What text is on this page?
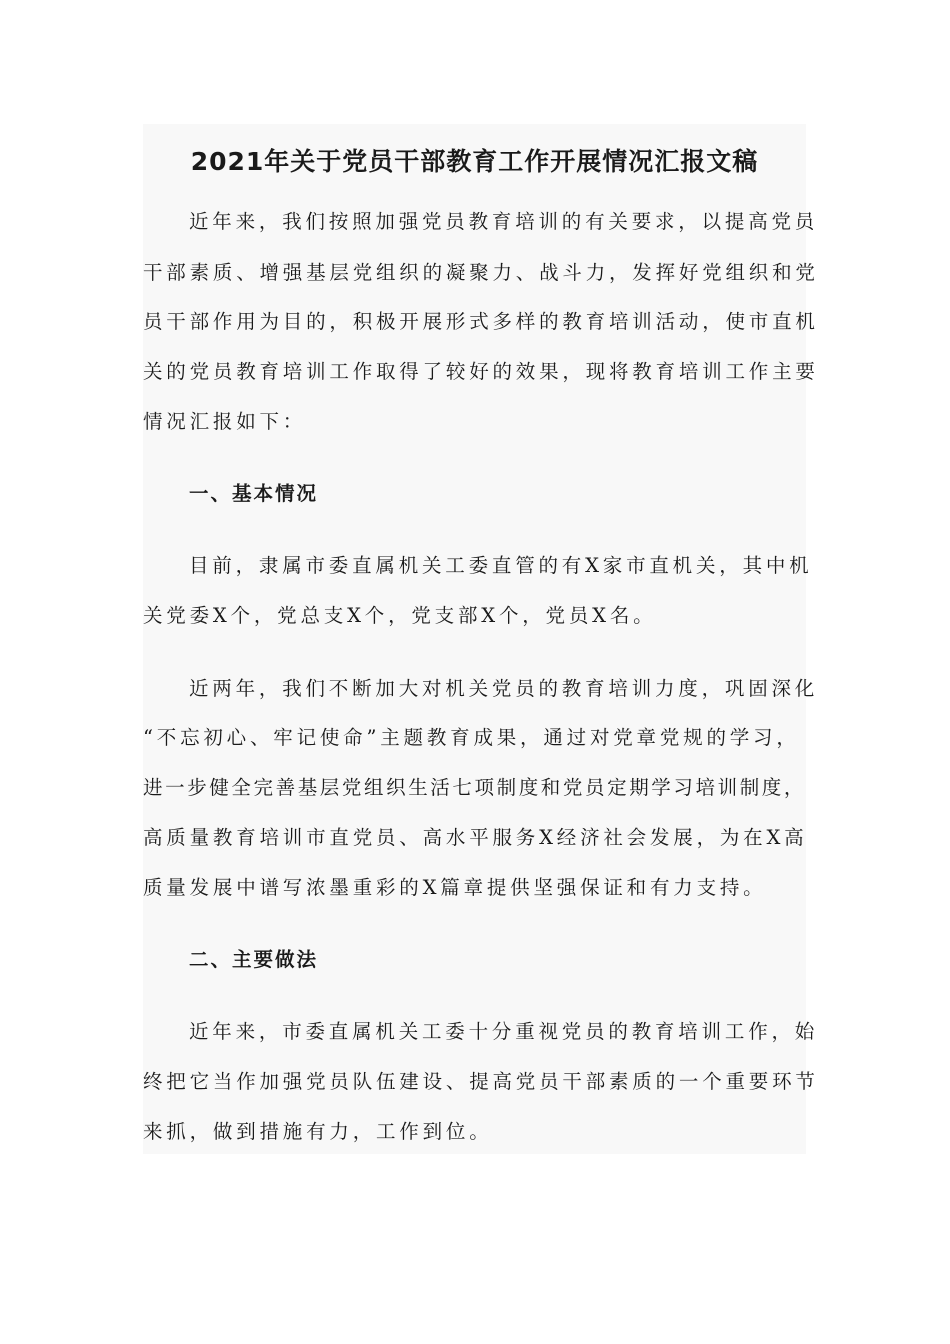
2021年关于党员干部教育工作开展情况汇报文稿
近年来，我们按照加强党员教育培训的有关要求，以提高党员
干部素质、增强基层党组织的凝聚力、战斗力，发挥好党组织和党
员干部作用为目的，积极开展形式多样的教育培训活动，使市直机
关的党员教育培训工作取得了较好的效果，现将教育培训工作主要
情况汇报如下：
一、基本情况
目前，隶属市委直属机关工委直管的有X家市直机关，其中机
关党委X个，党总支X个，党支部X个，党员X名。
近两年，我们不断加大对机关党员的教育培训力度，巩固深化
“不忘初心、牢记使命”主题教育成果，通过对党章党规的学习，
进一步健全完善基层党组织生活七项制度和党员定期学习培训制度，
高质量教育培训市直党员、高水平服务X经济社会发展，为在X高
质量发展中谱写浓墨重彩的X篇章提供坚强保证和有力支持。
二、主要做法
近年来，市委直属机关工委十分重视党员的教育培训工作，始
终把它当作加强党员队伍建设、提高党员干部素质的一个重要环节
来抓，做到措施有力，工作到位。
